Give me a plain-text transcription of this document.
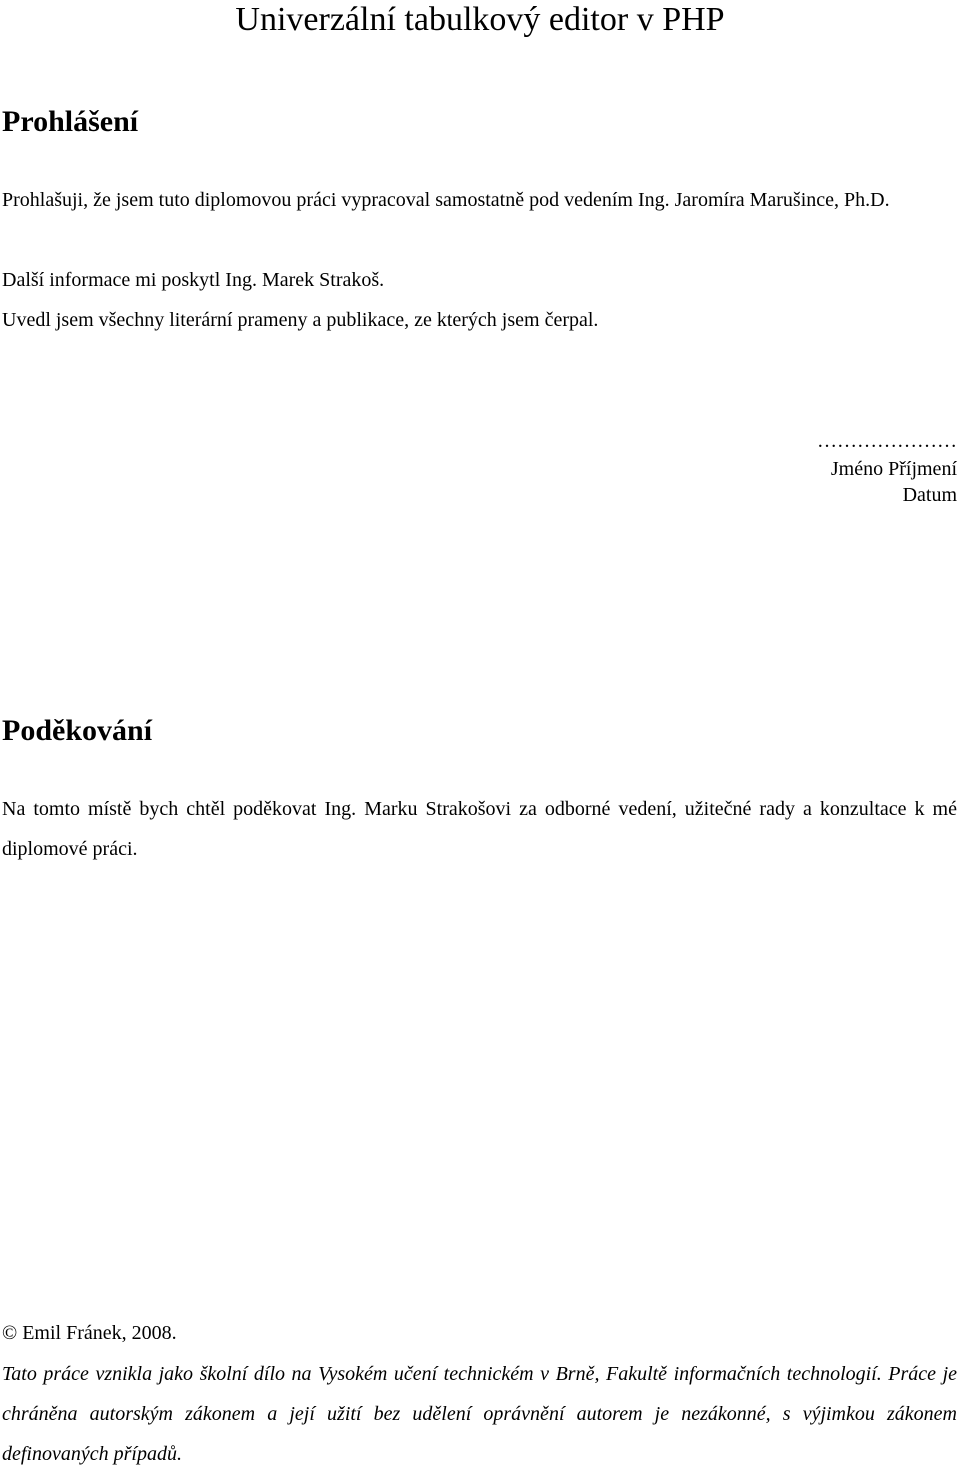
Univerzální tabulkový editor v PHP
Prohlášení

Prohlašuji, že jsem tuto diplomovou práci vypracoval samostatně pod vedením Ing. Jaromíra Marušince, Ph.D.

Další informace mi poskytl Ing. Marek Strakoš.

Uvedl jsem všechny literární prameny a publikace, ze kterých jsem čerpal.

…………………

Jméno Příjmení

Datum

Poděkování

Na tomto místě bych chtěl poděkovat Ing. Marku Strakošovi za odborné vedení, užitečné rady a konzultace k mé diplomové práci.

© Emil Fránek, 2008.

Tato práce vznikla jako školní dílo na Vysokém učení technickém v Brně, Fakultě informačních technologií. Práce je chráněna autorským zákonem a její užití bez udělení oprávnění autorem je nezákonné, s výjimkou zákonem definovaných případů.
